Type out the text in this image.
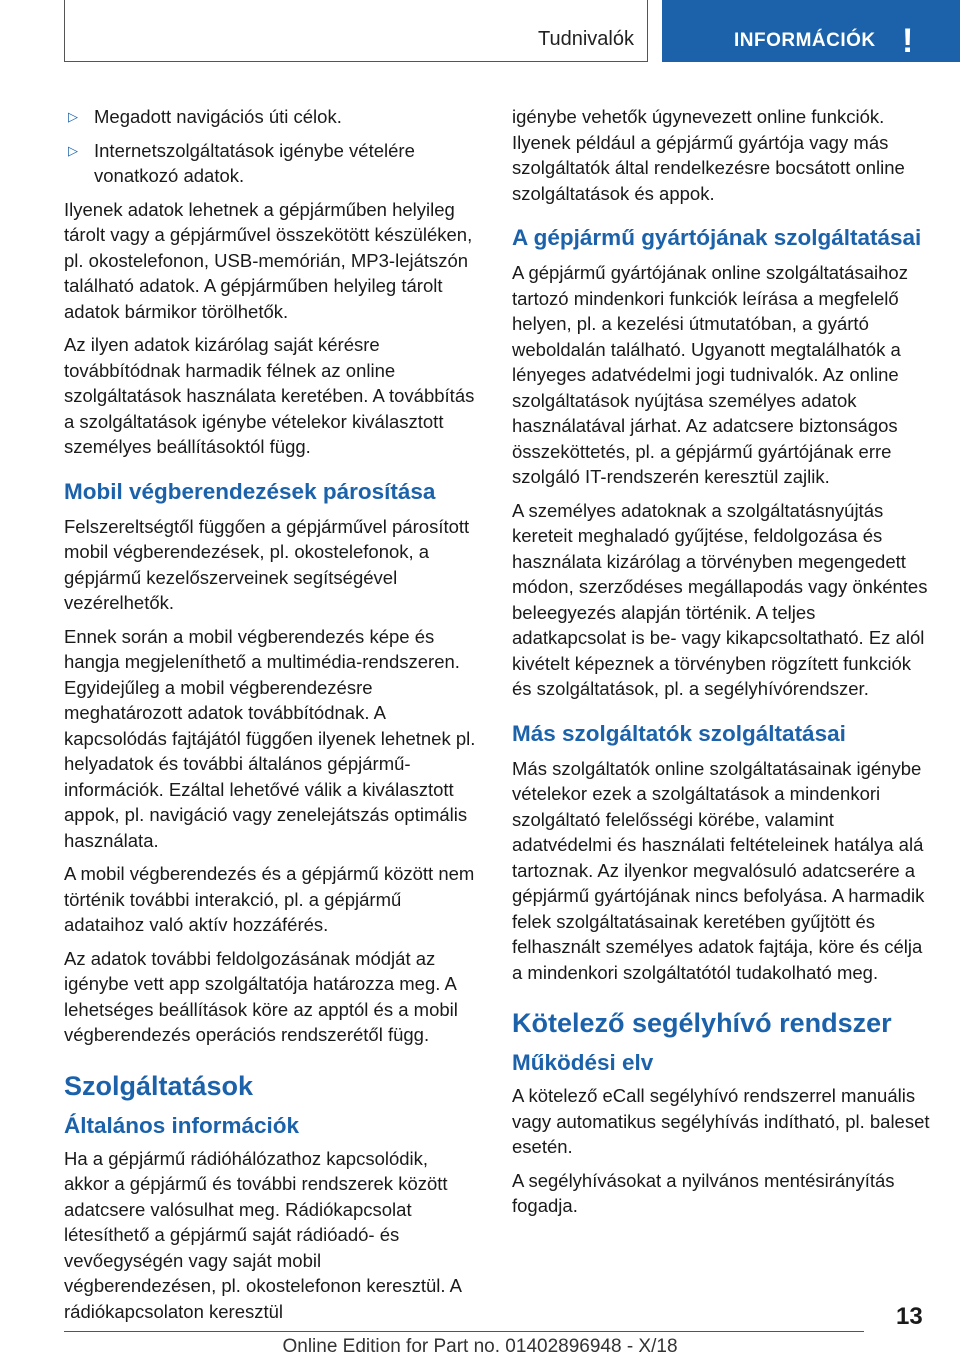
Tudnivalók	INFORMÁCIÓK !
▷ Megadott navigációs úti célok.
▷ Internetszolgáltatások igénybe vételére vonatkozó adatok.

Ilyenek adatok lehetnek a gépjárműben helyileg tárolt vagy a gépjárművel összekötött készüléken, pl. okostelefonon, USB-memórián, MP3-lejátszón található adatok. A gépjárműben helyileg tárolt adatok bármikor törölhetők.

Az ilyen adatok kizárólag saját kérésre továbbítódnak harmadik félnek az online szolgáltatások használata keretében. A továbbítás a szolgáltatások igénybe vételekor kiválasztott személyes beállításoktól függ.

Mobil végberendezések párosítása

Felszereltségtől függően a gépjárművel párosított mobil végberendezések, pl. okostelefonok, a gépjármű kezelőszerveinek segítségével vezérelhetők.

Ennek során a mobil végberendezés képe és hangja megjeleníthető a multimédia-rendszeren. Egyidejűleg a mobil végberendezésre meghatározott adatok továbbítódnak. A kapcsolódás fajtájától függően ilyenek lehetnek pl. helyadatok és további általános gépjármű-információk. Ezáltal lehetővé válik a kiválasztott appok, pl. navigáció vagy zenelejátszás optimális használata.

A mobil végberendezés és a gépjármű között nem történik további interakció, pl. a gépjármű adataihoz való aktív hozzáférés.

Az adatok további feldolgozásának módját az igénybe vett app szolgáltatója határozza meg. A lehetséges beállítások köre az apptól és a mobil végberendezés operációs rendszerétől függ.

Szolgáltatások
Általános információk

Ha a gépjármű rádióhálózathoz kapcsolódik, akkor a gépjármű és további rendszerek között adatcsere valósulhat meg. Rádiókapcsolat létesíthető a gépjármű saját rádióadó- és vevőegységén vagy saját mobil végberendezésen, pl. okostelefonon keresztül. A rádiókapcsolaton keresztül

igénybe vehetők úgynevezett online funkciók. Ilyenek például a gépjármű gyártója vagy más szolgáltatók által rendelkezésre bocsátott online szolgáltatások és appok.

A gépjármű gyártójának szolgáltatásai

A gépjármű gyártójának online szolgáltatásaihoz tartozó mindenkori funkciók leírása a megfelelő helyen, pl. a kezelési útmutatóban, a gyártó weboldalán található. Ugyanott megtalálhatók a lényeges adatvédelmi jogi tudnivalók. Az online szolgáltatások nyújtása személyes adatok használatával járhat. Az adatcsere biztonságos összeköttetés, pl. a gépjármű gyártójának erre szolgáló IT-rendszerén keresztül zajlik.

A személyes adatoknak a szolgáltatásnyújtás kereteit meghaladó gyűjtése, feldolgozása és használata kizárólag a törvényben megengedett módon, szerződéses megállapodás vagy önkéntes beleegyezés alapján történik. A teljes adatkapcsolat is be- vagy kikapcsoltatható. Ez alól kivételt képeznek a törvényben rögzített funkciók és szolgáltatások, pl. a segélyhívórendszer.

Más szolgáltatók szolgáltatásai

Más szolgáltatók online szolgáltatásainak igénybe vételekor ezek a szolgáltatások a mindenkori szolgáltató felelősségi körébe, valamint adatvédelmi és használati feltételeinek hatálya alá tartoznak. Az ilyenkor megvalósuló adatcserére a gépjármű gyártójának nincs befolyása. A harmadik felek szolgáltatásainak keretében gyűjtött és felhasznált személyes adatok fajtája, köre és célja a mindenkori szolgáltatótól tudakolható meg.

Kötelező segélyhívó rendszer
Működési elv

A kötelező eCall segélyhívó rendszerrel manuális vagy automatikus segélyhívás indítható, pl. baleset esetén.

A segélyhívásokat a nyilvános mentésirányítás fogadja.

13
Online Edition for Part no. 01402896948 - X/18
